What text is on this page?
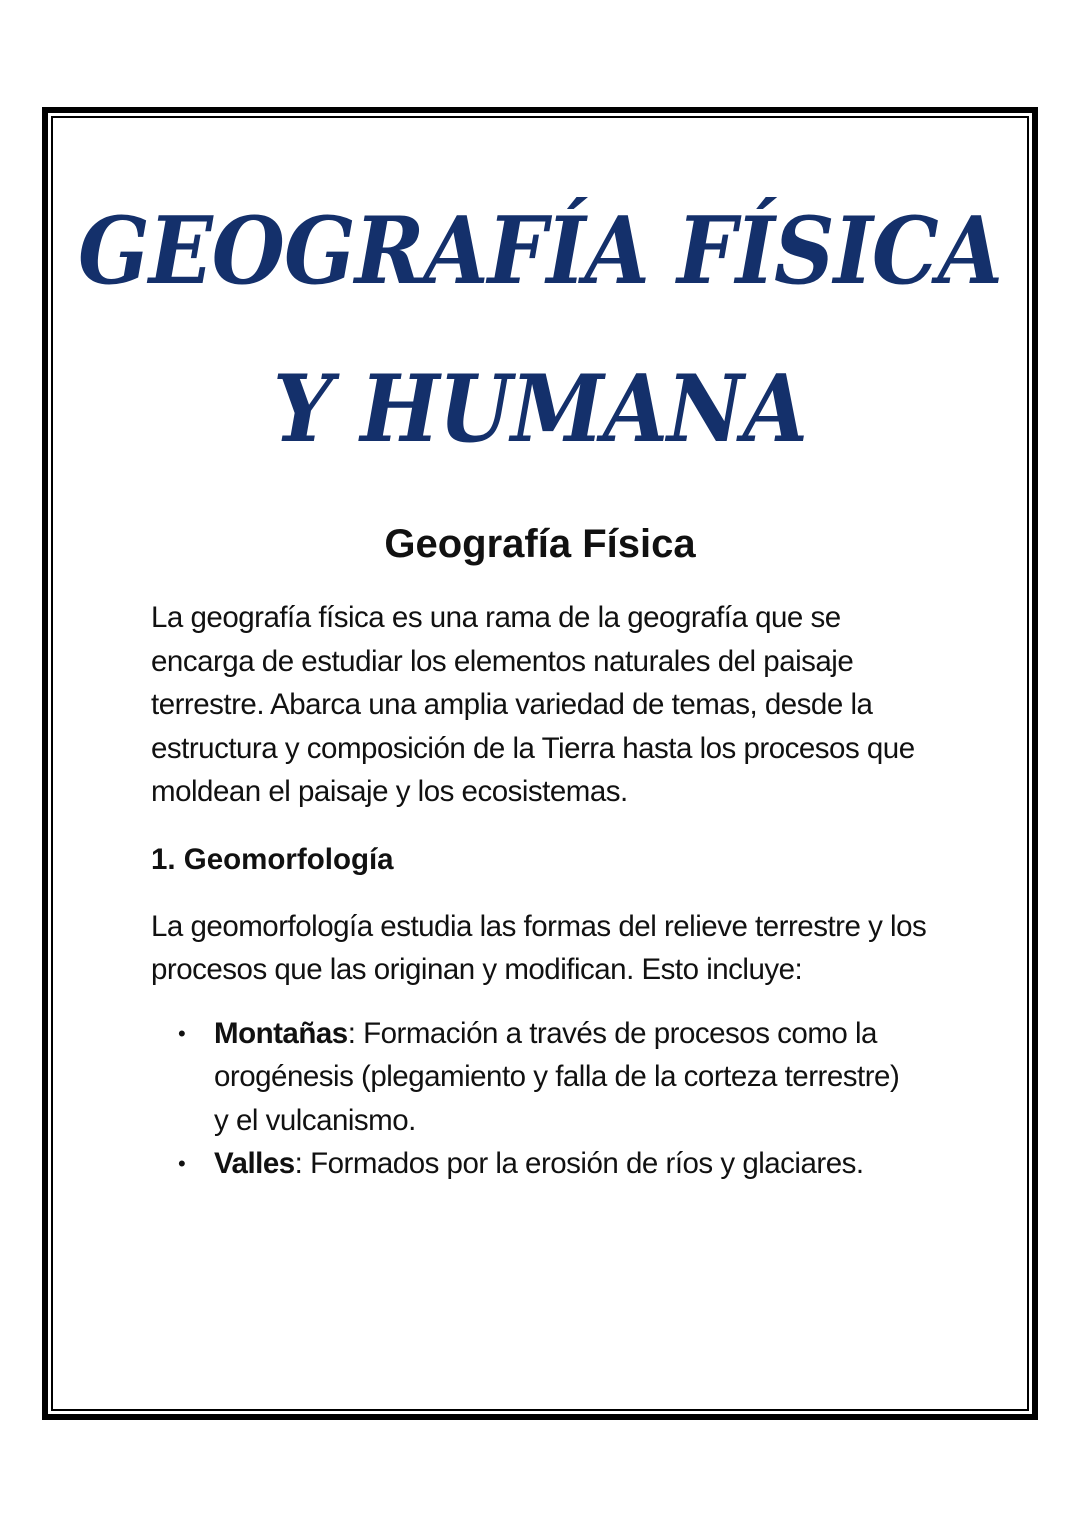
GEOGRAFÍA FÍSICA
Y HUMANA
Geografía Física

La geografía física es una rama de la geografía que se encarga de estudiar los elementos naturales del paisaje terrestre. Abarca una amplia variedad de temas, desde la estructura y composición de la Tierra hasta los procesos que moldean el paisaje y los ecosistemas.

1. Geomorfología

La geomorfología estudia las formas del relieve terrestre y los procesos que las originan y modifican. Esto incluye:

• Montañas: Formación a través de procesos como la orogénesis (plegamiento y falla de la corteza terrestre) y el vulcanismo.
• Valles: Formados por la erosión de ríos y glaciares.
